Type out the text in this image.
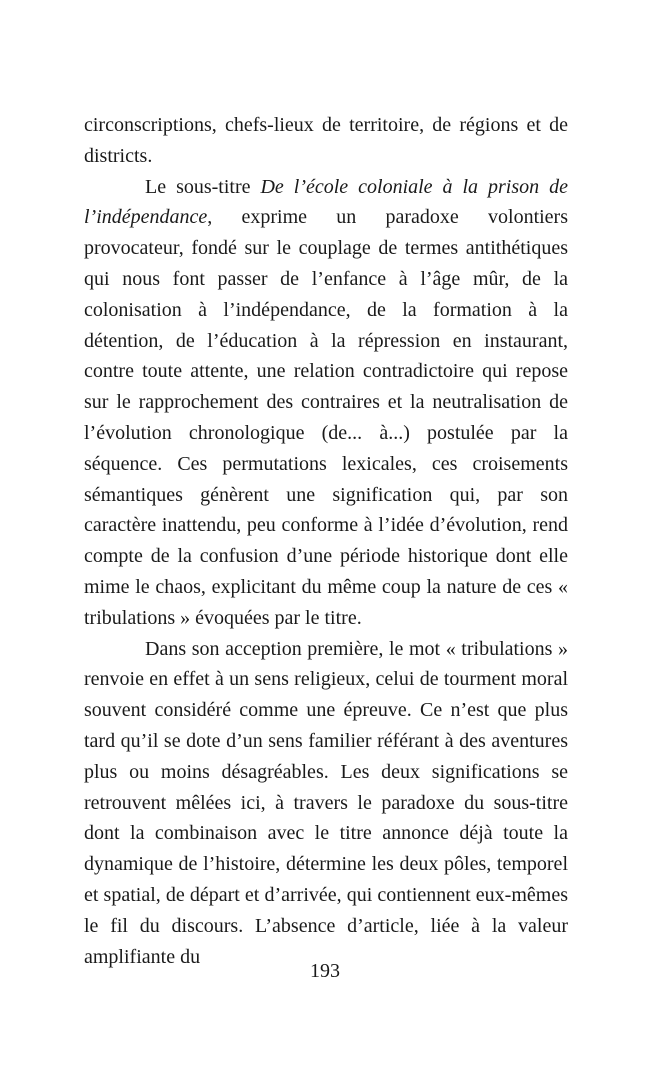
circonscriptions, chefs-lieux de territoire, de régions et de districts.

Le sous-titre De l’école coloniale à la prison de l’indépendance, exprime un paradoxe volontiers provocateur, fondé sur le couplage de termes antithétiques qui nous font passer de l’enfance à l’âge mûr, de la colonisation à l’indépendance, de la formation à la détention, de l’éducation à la répression en instaurant, contre toute attente, une relation contradictoire qui repose sur le rapprochement des contraires et la neutralisation de l’évolution chronologique (de... à...) postulée par la séquence. Ces permutations lexicales, ces croisements sémantiques génèrent une signification qui, par son caractère inattendu, peu conforme à l’idée d’évolution, rend compte de la confusion d’une période historique dont elle mime le chaos, explicitant du même coup la nature de ces « tribulations » évoquées par le titre.

Dans son acception première, le mot « tribulations » renvoie en effet à un sens religieux, celui de tourment moral souvent considéré comme une épreuve. Ce n’est que plus tard qu’il se dote d’un sens familier référant à des aventures plus ou moins désagréables. Les deux significations se retrouvent mêlées ici, à travers le paradoxe du sous-titre dont la combinaison avec le titre annonce déjà toute la dynamique de l’histoire, détermine les deux pôles, temporel et spatial, de départ et d’arrivée, qui contiennent eux-mêmes le fil du discours. L’absence d’article, liée à la valeur amplifiante du

193
